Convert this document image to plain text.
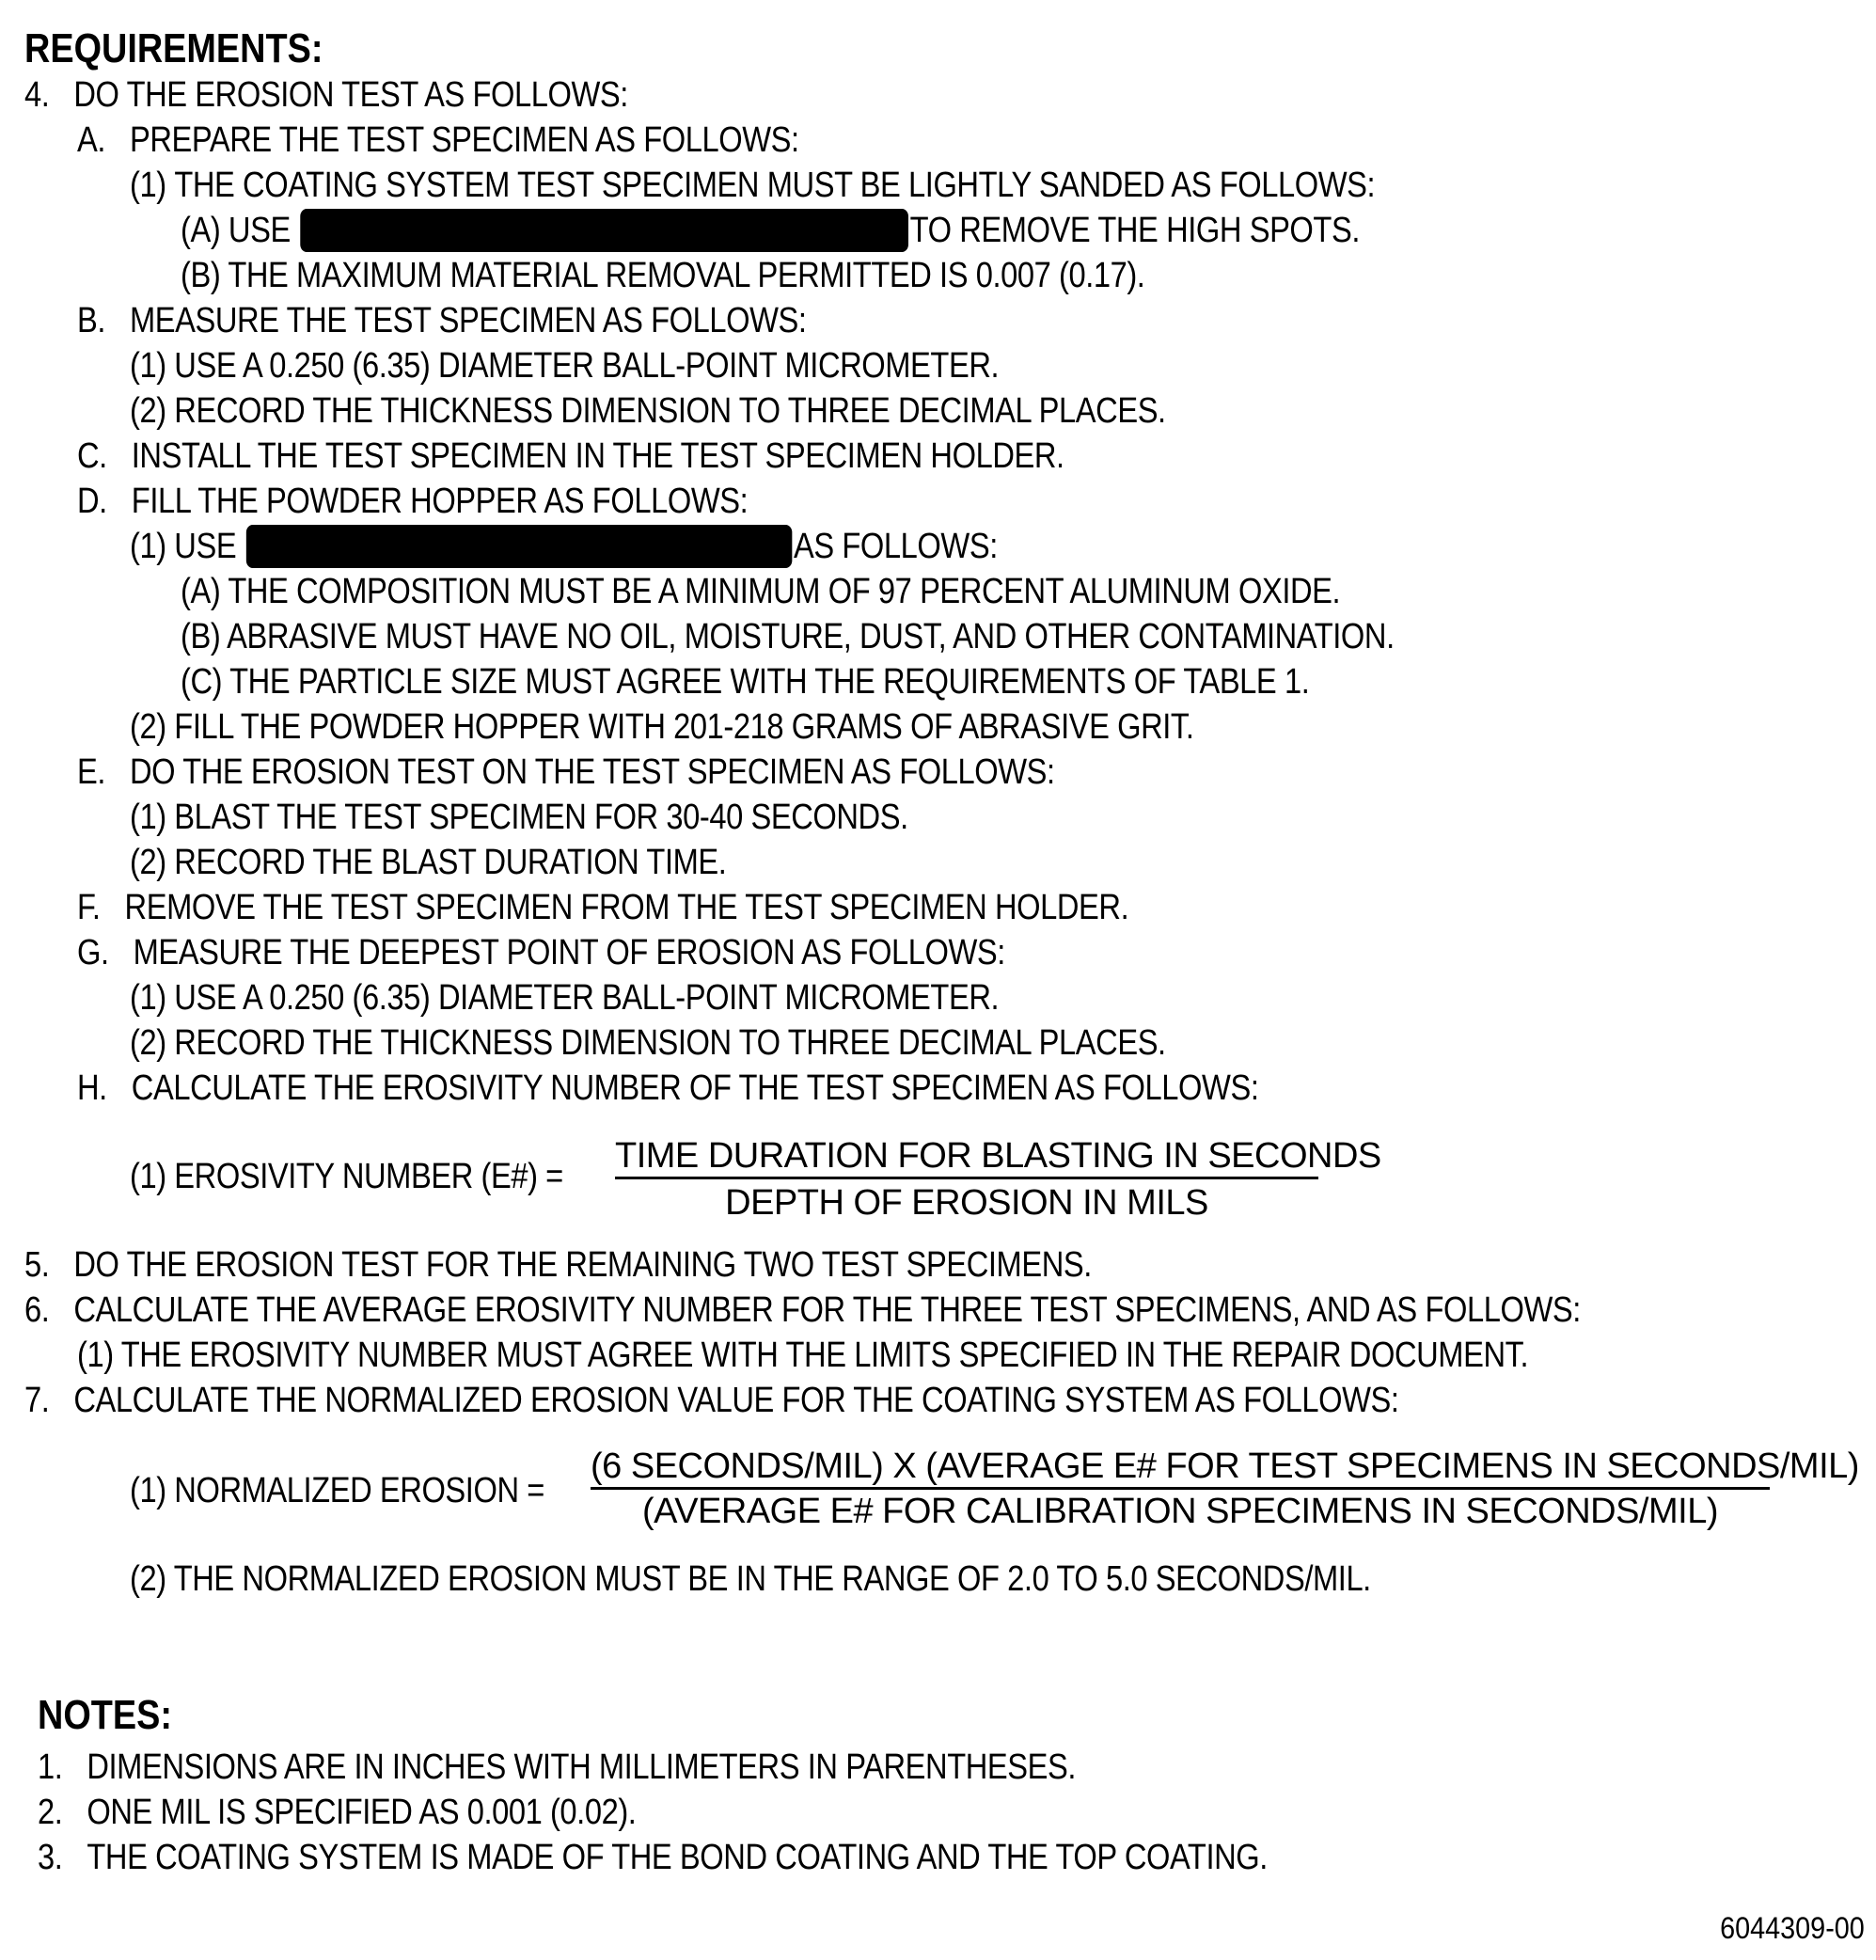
REQUIREMENTS:
4. DO THE EROSION TEST AS FOLLOWS:
A. PREPARE THE TEST SPECIMEN AS FOLLOWS:
(1) THE COATING SYSTEM TEST SPECIMEN MUST BE LIGHTLY SANDED AS FOLLOWS:
(A) USE C10-187 60-GRIT OR FINER ABRASIVE MESH TO REMOVE THE HIGH SPOTS.
(B) THE MAXIMUM MATERIAL REMOVAL PERMITTED IS 0.007 (0.17).
B. MEASURE THE TEST SPECIMEN AS FOLLOWS:
(1) USE A 0.250 (6.35) DIAMETER BALL-POINT MICROMETER.
(2) RECORD THE THICKNESS DIMENSION TO THREE DECIMAL PLACES.
C. INSTALL THE TEST SPECIMEN IN THE TEST SPECIMEN HOLDER.
D. FILL THE POWDER HOPPER AS FOLLOWS:
(1) USE C04-282 240 MESH OR C10-240 240 GRIT AS FOLLOWS:
(A) THE COMPOSITION MUST BE A MINIMUM OF 97 PERCENT ALUMINUM OXIDE.
(B) ABRASIVE MUST HAVE NO OIL, MOISTURE, DUST, AND OTHER CONTAMINATION.
(C) THE PARTICLE SIZE MUST AGREE WITH THE REQUIREMENTS OF TABLE 1.
(2) FILL THE POWDER HOPPER WITH 201-218 GRAMS OF ABRASIVE GRIT.
E. DO THE EROSION TEST ON THE TEST SPECIMEN AS FOLLOWS:
(1) BLAST THE TEST SPECIMEN FOR 30-40 SECONDS.
(2) RECORD THE BLAST DURATION TIME.
F. REMOVE THE TEST SPECIMEN FROM THE TEST SPECIMEN HOLDER.
G. MEASURE THE DEEPEST POINT OF EROSION AS FOLLOWS:
(1) USE A 0.250 (6.35) DIAMETER BALL-POINT MICROMETER.
(2) RECORD THE THICKNESS DIMENSION TO THREE DECIMAL PLACES.
H. CALCULATE THE EROSIVITY NUMBER OF THE TEST SPECIMEN AS FOLLOWS:
(1) EROSIVITY NUMBER (E#) =
TIME DURATION FOR BLASTING IN SECONDS
DEPTH OF EROSION IN MILS
5. DO THE EROSION TEST FOR THE REMAINING TWO TEST SPECIMENS.
6. CALCULATE THE AVERAGE EROSIVITY NUMBER FOR THE THREE TEST SPECIMENS, AND AS FOLLOWS:
(1) THE EROSIVITY NUMBER MUST AGREE WITH THE LIMITS SPECIFIED IN THE REPAIR DOCUMENT.
7. CALCULATE THE NORMALIZED EROSION VALUE FOR THE COATING SYSTEM AS FOLLOWS:
(1) NORMALIZED EROSION =
(6 SECONDS/MIL) X (AVERAGE E# FOR TEST SPECIMENS IN SECONDS/MIL)
(AVERAGE E# FOR CALIBRATION SPECIMENS IN SECONDS/MIL)
(2) THE NORMALIZED EROSION MUST BE IN THE RANGE OF 2.0 TO 5.0 SECONDS/MIL.
NOTES:
1. DIMENSIONS ARE IN INCHES WITH MILLIMETERS IN PARENTHESES.
2. ONE MIL IS SPECIFIED AS 0.001 (0.02).
3. THE COATING SYSTEM IS MADE OF THE BOND COATING AND THE TOP COATING.
6044309-00
